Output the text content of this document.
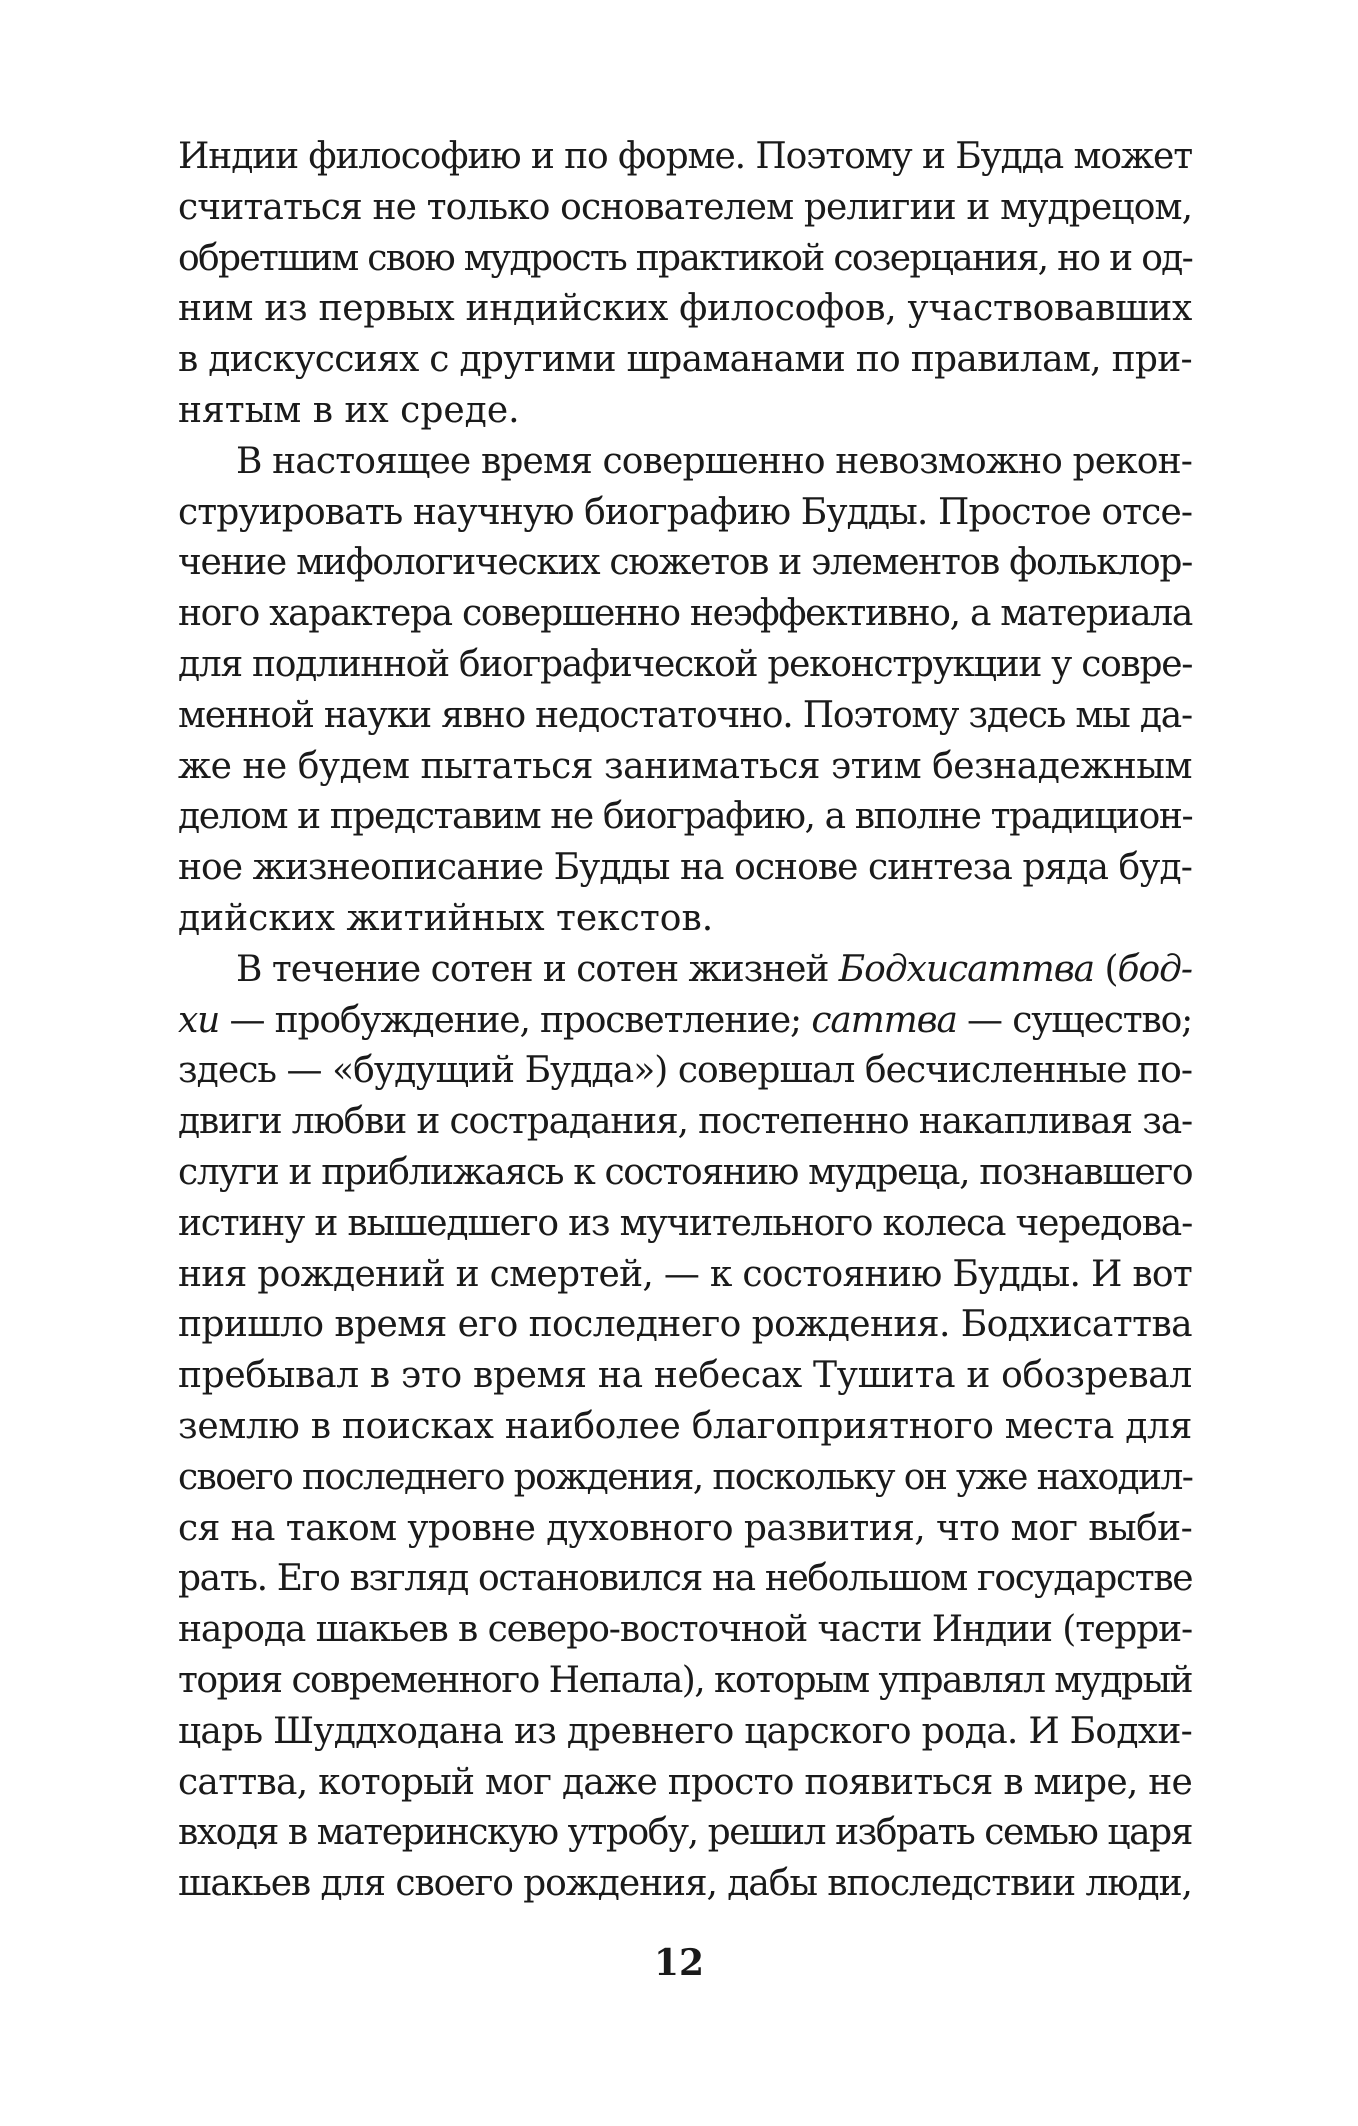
Индии философию и по форме. Поэтому и Будда может
считаться не только основателем религии и мудрецом,
обретшим свою мудрость практикой созерцания, но и од-
ним из первых индийских философов, участвовавших
в дискуссиях с другими шраманами по правилам, при-
нятым в их среде.
В настоящее время совершенно невозможно рекон-
струировать научную биографию Будды. Простое отсе-
чение мифологических сюжетов и элементов фольклор-
ного характера совершенно неэффективно, а материала
для подлинной биографической реконструкции у совре-
менной науки явно недостаточно. Поэтому здесь мы да-
же не будем пытаться заниматься этим безнадежным
делом и представим не биографию, а вполне традицион-
ное жизнеописание Будды на основе синтеза ряда буд-
дийских житийных текстов.
В течение сотен и сотен жизней Бодхисаттва (бод-
хи — пробуждение, просветление; саттва — существо;
здесь — «будущий Будда») совершал бесчисленные по-
двиги любви и сострадания, постепенно накапливая за-
слуги и приближаясь к состоянию мудреца, познавшего
истину и вышедшего из мучительного колеса чередова-
ния рождений и смертей, — к состоянию Будды. И вот
пришло время его последнего рождения. Бодхисаттва
пребывал в это время на небесах Тушита и обозревал
землю в поисках наиболее благоприятного места для
своего последнего рождения, поскольку он уже находил-
ся на таком уровне духовного развития, что мог выби-
рать. Его взгляд остановился на небольшом государстве
народа шакьев в северо-восточной части Индии (терри-
тория современного Непала), которым управлял мудрый
царь Шуддходана из древнего царского рода. И Бодхи-
саттва, который мог даже просто появиться в мире, не
входя в материнскую утробу, решил избрать семью царя
шакьев для своего рождения, дабы впоследствии люди,
12
